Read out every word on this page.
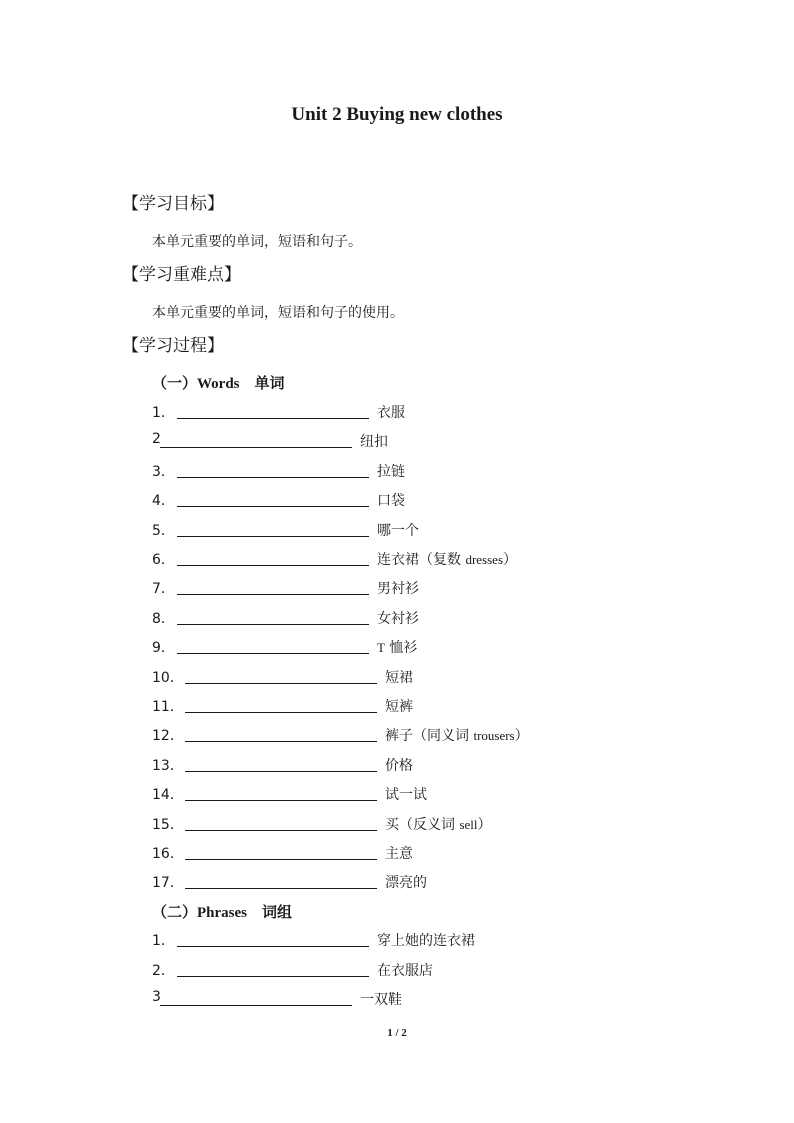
Unit 2 Buying new clothes
【学习目标】
本单元重要的单词，短语和句子。
【学习重难点】
本单元重要的单词，短语和句子的使用。
【学习过程】
（一）Words　单词
1．	衣服
2	纽扣
3．	拉链
4．	口袋
5．	哪一个
6．	连衣裙（复数 dresses）
7．	男衬衫
8．	女衬衫
9．	T 恤衫
10．	短裙
11．	短裤
12．	裤子（同义词 trousers）
13．	价格
14．	试一试
15．	买（反义词 sell）
16．	主意
17．	漂亮的
（二）Phrases　词组
1．	穿上她的连衣裙
2．	在衣服店
3	一双鞋
1 / 2
